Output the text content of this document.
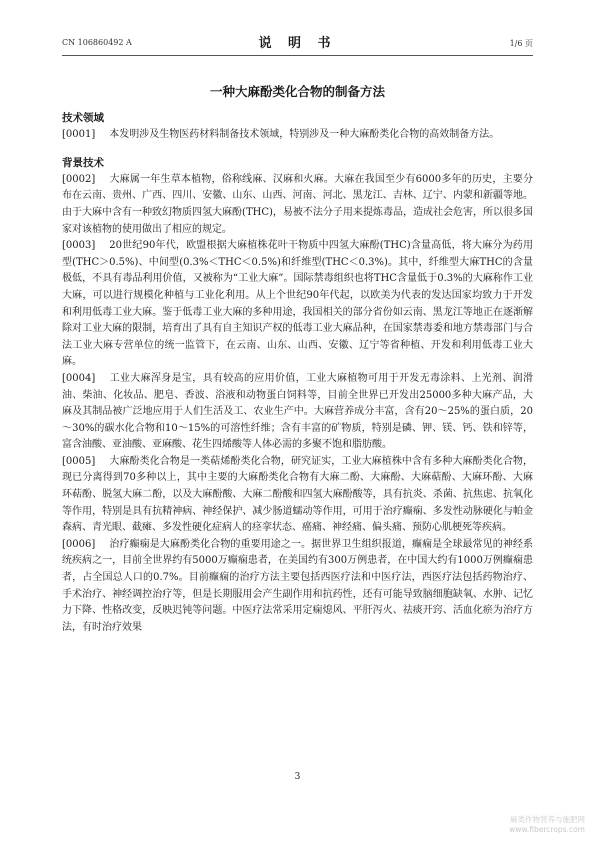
CN 106860492 A	说 明 书	1/6 页
一种大麻酚类化合物的制备方法
技术领域

[0001] 本发明涉及生物医药材料制备技术领域，特别涉及一种大麻酚类化合物的高效制备方法。

背景技术

[0002] 大麻属一年生草本植物，俗称线麻、汉麻和火麻。大麻在我国至少有6000多年的历史，主要分布在云南、贵州、广西、四川、安徽、山东、山西、河南、河北、黑龙江、吉林、辽宁、内蒙和新疆等地。由于大麻中含有一种致幻物质四氢大麻酚(THC)，易被不法分子用来提炼毒品，造成社会危害，所以很多国家对该植物的使用做出了相应的规定。

[0003] 20世纪90年代，欧盟根据大麻植株花叶干物质中四氢大麻酚(THC)含量高低，将大麻分为药用型(THC＞0.5%)、中间型(0.3%＜THC＜0.5%)和纤维型(THC＜0.3%)。其中，纤维型大麻THC的含量极低，不具有毒品利用价值，又被称为“工业大麻”。国际禁毒组织也将THC含量低于0.3%的大麻称作工业大麻，可以进行规模化种植与工业化利用。从上个世纪90年代起，以欧美为代表的发达国家均致力于开发和利用低毒工业大麻。鉴于低毒工业大麻的多种用途，我国相关的部分省份如云南、黑龙江等地正在逐渐解除对工业大麻的限制，培育出了具有自主知识产权的低毒工业大麻品种，在国家禁毒委和地方禁毒部门与合法工业大麻专营单位的统一监管下，在云南、山东、山西、安徽、辽宁等省种植、开发和利用低毒工业大麻。

[0004] 工业大麻浑身是宝，具有较高的应用价值，工业大麻植物可用于开发无毒涂料、上光剂、润滑油、柴油、化妆品、肥皂、香波、浴液和动物蛋白饲料等，目前全世界已开发出25000多种大麻产品，大麻及其制品被广泛地应用于人们生活及工、农业生产中。大麻营养成分丰富，含有20～25%的蛋白质，20～30%的碳水化合物和10～15%的可溶性纤维；含有丰富的矿物质，特别是磷、钾、镁、钙、铁和锌等，富含油酸、亚油酸、亚麻酸、花生四烯酸等人体必需的多聚不饱和脂肪酸。

[0005] 大麻酚类化合物是一类萜烯酚类化合物，研究证实，工业大麻植株中含有多种大麻酚类化合物，现已分离得到70多种以上，其中主要的大麻酚类化合物有大麻二酚、大麻酚、大麻萜酚、大麻环酚、大麻环萜酚、脱氢大麻二酚，以及大麻酚酸、大麻二酚酸和四氢大麻酚酸等，具有抗炎、杀菌、抗焦虑、抗氧化等作用，特别是具有抗精神病、神经保护、减少肠道蠕动等作用，可用于治疗癫痫、多发性动脉硬化与帕金森病、青光眼、截瘫、多发性硬化症病人的痉挛状态、癌痛、神经痛、偏头痛、预防心肌梗死等疾病。

[0006] 治疗癫痫是大麻酚类化合物的重要用途之一。据世界卫生组织报道，癫痫是全球最常见的神经系统疾病之一，目前全世界约有5000万癫痫患者，在美国约有300万例患者，在中国大约有1000万例癫痫患者，占全国总人口的0.7%。目前癫痫的治疗方法主要包括西医疗法和中医疗法，西医疗法包括药物治疗、手术治疗、神经调控治疗等，但是长期服用会产生副作用和抗药性，还有可能导致脑细胞缺氧、水肿、记忆力下降、性格改变，反映迟钝等问题。中医疗法常采用定痫熄风、平肝泻火、祛痰开窍、活血化瘀为治疗方法，有时治疗效果

3
麻类作物营养与施肥网
www.fibercrops.com
